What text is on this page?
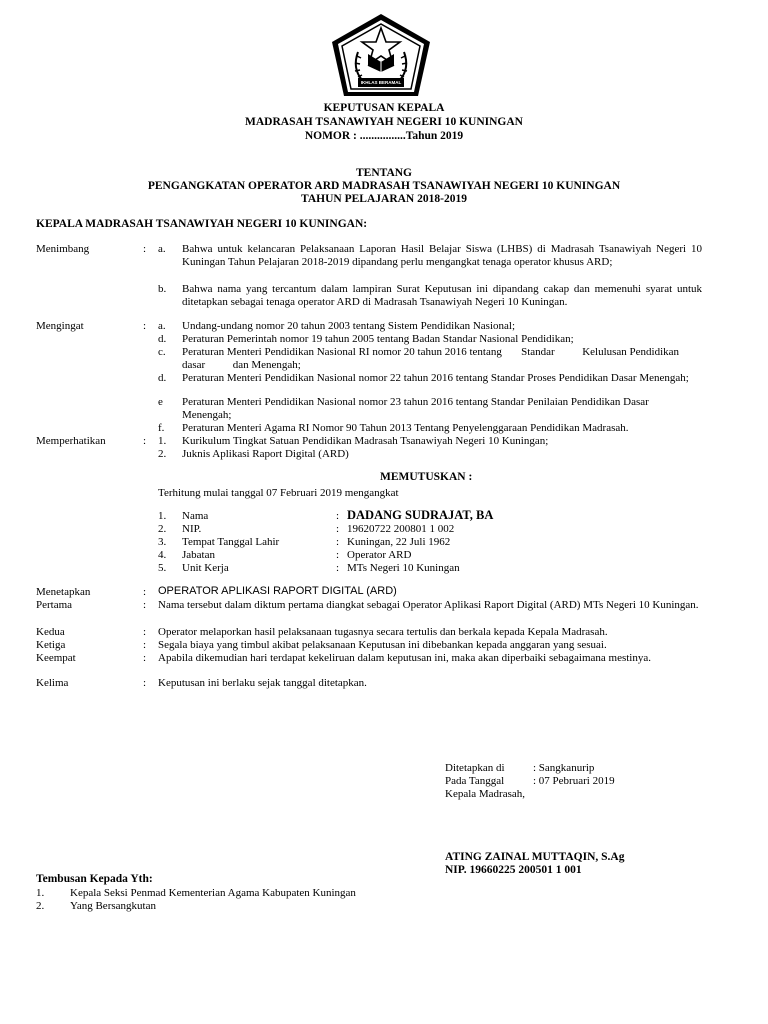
IKHLAS BERAMAL
KEPUTUSAN KEPALA
MADRASAH TSANAWIYAH NEGERI 10 KUNINGAN
NOMOR : ................Tahun 2019
TENTANG
PENGANGKATAN OPERATOR ARD MADRASAH TSANAWIYAH NEGERI 10 KUNINGAN
TAHUN PELAJARAN 2018-2019
KEPALA MADRASAH TSANAWIYAH NEGERI 10 KUNINGAN:
Menimbang	: a. Bahwa untuk kelancaran Pelaksanaan Laporan Hasil Belajar Siswa (LHBS) di Madrasah Tsanawiyah Negeri 10 Kuningan Tahun Pelajaran 2018-2019 dipandang perlu mengangkat tenaga operator khusus ARD;
b. Bahwa nama yang tercantum dalam lampiran Surat Keputusan ini dipandang cakap dan memenuhi syarat untuk ditetapkan sebagai tenaga operator ARD di Madrasah Tsanawiyah Negeri 10 Kuningan.
Mengingat	: a. Undang-undang nomor 20 tahun 2003 tentang Sistem Pendidikan Nasional;
d. Peraturan Pemerintah nomor 19 tahun 2005 tentang Badan Standar Nasional Pendidikan;
c. Peraturan Menteri Pendidikan Nasional RI nomor 20 tahun 2016 tentang       Standar          Kelulusan Pendidikan dasar          dan Menengah;
d. Peraturan Menteri Pendidikan Nasional nomor 22 tahun 2016 tentang Standar Proses Pendidikan Dasar Menengah;
e Peraturan Menteri Pendidikan Nasional nomor 23 tahun 2016 tentang Standar Penilaian Pendidikan Dasar           Menengah;
f. Peraturan Menteri Agama RI Nomor 90 Tahun 2013 Tentang Penyelenggaraan Pendidikan Madrasah.
Memperhatikan	: 1. Kurikulum Tingkat Satuan Pendidikan Madrasah Tsanawiyah Negeri 10 Kuningan;
2. Juknis Aplikasi Raport Digital (ARD)
MEMUTUSKAN :
Terhitung mulai tanggal 07 Februari 2019 mengangkat
1. Nama	: DADANG SUDRAJAT, BA
2. NIP.	: 19620722 200801 1 002
3. Tempat Tanggal Lahir	: Kuningan, 22 Juli 1962
4. Jabatan	: Operator ARD
5. Unit Kerja	: MTs Negeri 10 Kuningan
Menetapkan	: OPERATOR APLIKASI RAPORT DIGITAL (ARD)
Pertama	: Nama tersebut dalam diktum pertama diangkat sebagai Operator Aplikasi Raport Digital (ARD) MTs Negeri 10 Kuningan.
Kedua	: Operator melaporkan hasil pelaksanaan tugasnya secara tertulis dan berkala kepada Kepala Madrasah.
Ketiga	: Segala biaya yang timbul akibat pelaksanaan Keputusan ini dibebankan kepada anggaran yang sesuai.
Keempat	: Apabila dikemudian hari terdapat kekeliruan dalam keputusan ini, maka akan diperbaiki sebagaimana mestinya.
Kelima	: Keputusan ini berlaku sejak tanggal ditetapkan.
Ditetapkan di	: Sangkanurip
Pada Tanggal	: 07 Pebruari 2019
Kepala Madrasah,
ATING ZAINAL MUTTAQIN, S.Ag
NIP. 19660225 200501 1 001
Tembusan Kepada Yth:
1. Kepala Seksi Penmad Kementerian Agama Kabupaten Kuningan
2. Yang Bersangkutan
